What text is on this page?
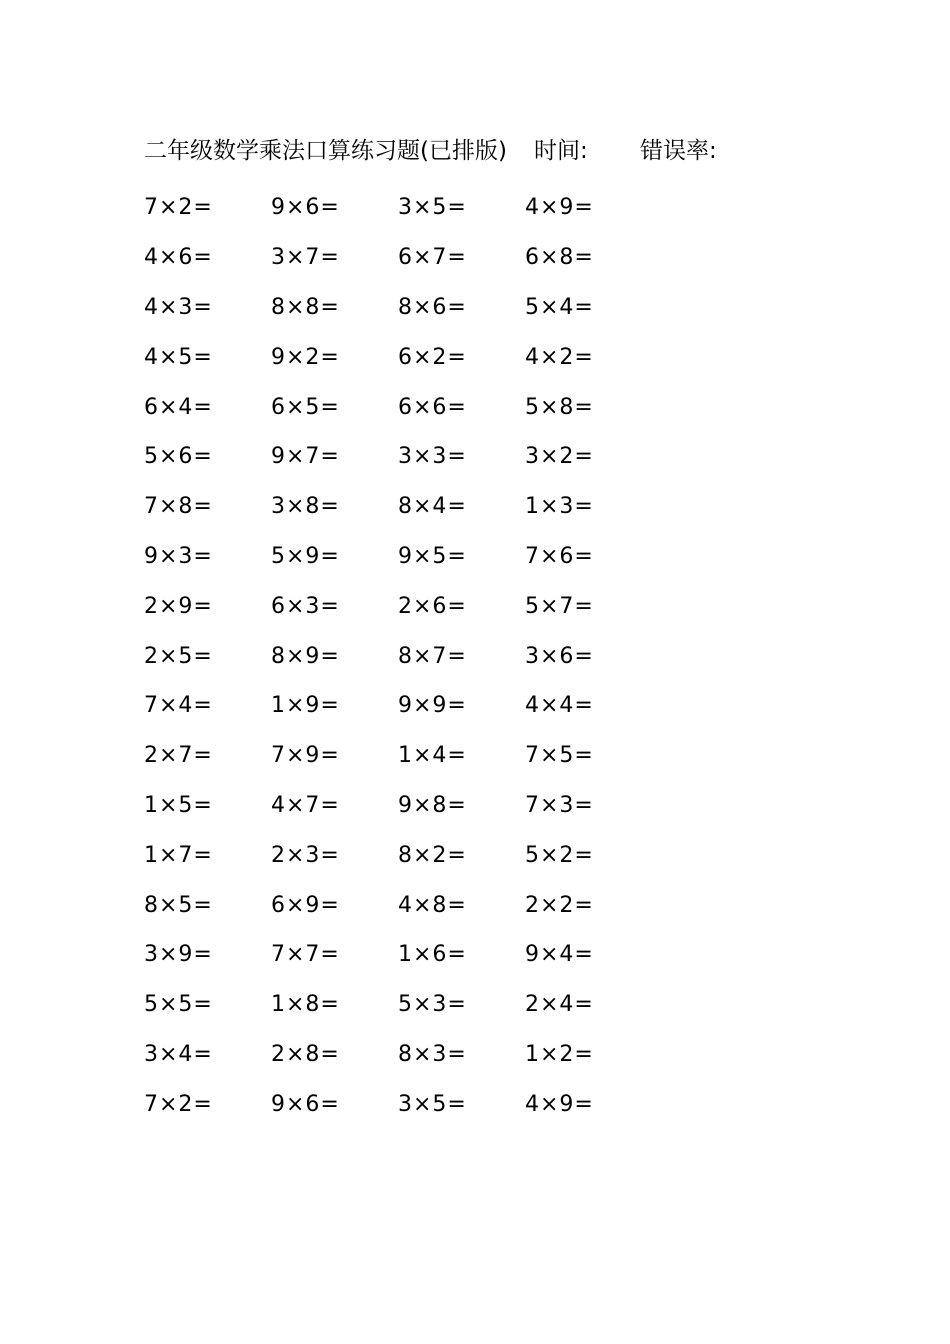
二年级数学乘法口算练习题(已排版) 时间: 错误率:
7×2=	9×6=	3×5=	4×9=
4×6=	3×7=	6×7=	6×8=
4×3=	8×8=	8×6=	5×4=
4×5=	9×2=	6×2=	4×2=
6×4=	6×5=	6×6=	5×8=
5×6=	9×7=	3×3=	3×2=
7×8=	3×8=	8×4=	1×3=
9×3=	5×9=	9×5=	7×6=
2×9=	6×3=	2×6=	5×7=
2×5=	8×9=	8×7=	3×6=
7×4=	1×9=	9×9=	4×4=
2×7=	7×9=	1×4=	7×5=
1×5=	4×7=	9×8=	7×3=
1×7=	2×3=	8×2=	5×2=
8×5=	6×9=	4×8=	2×2=
3×9=	7×7=	1×6=	9×4=
5×5=	1×8=	5×3=	2×4=
3×4=	2×8=	8×3=	1×2=
7×2=	9×6=	3×5=	4×9=
